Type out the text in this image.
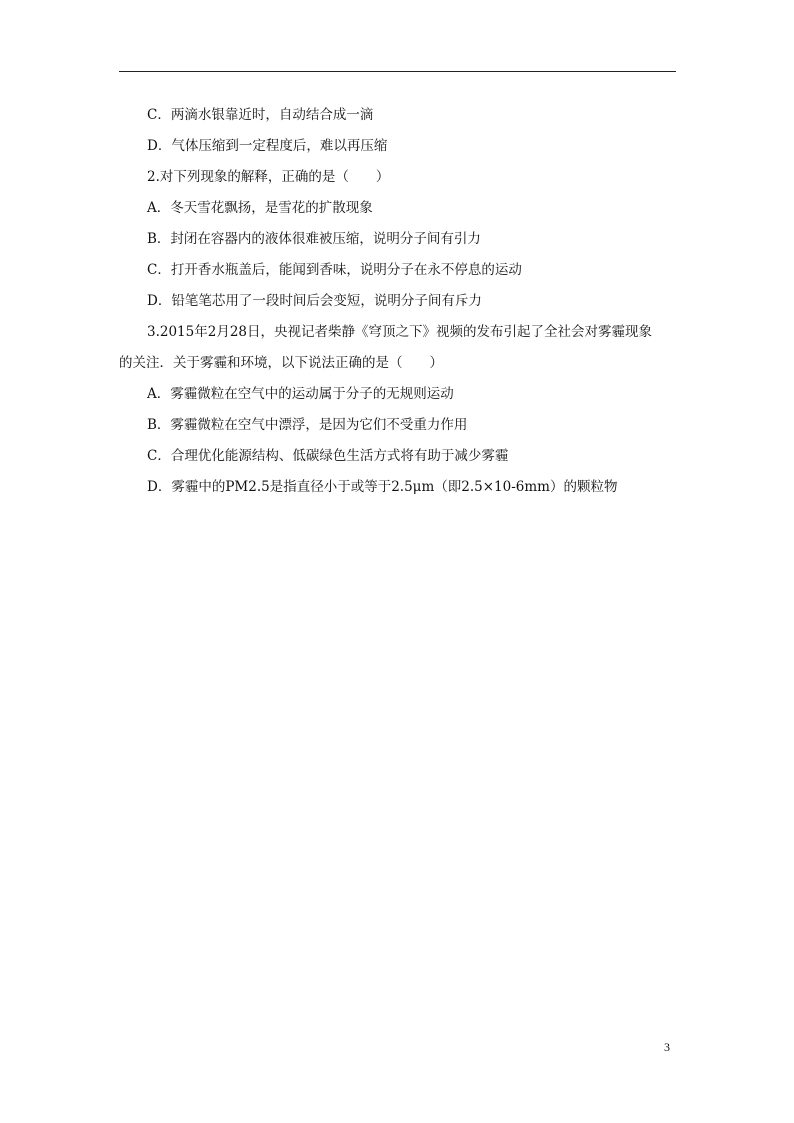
C．两滴水银靠近时，自动结合成一滴

D．气体压缩到一定程度后，难以再压缩

2.对下列现象的解释，正确的是（　　）

A．冬天雪花飘扬，是雪花的扩散现象

B．封闭在容器内的液体很难被压缩，说明分子间有引力

C．打开香水瓶盖后，能闻到香味，说明分子在永不停息的运动

D．铅笔笔芯用了一段时间后会变短，说明分子间有斥力

3.2015年2月28日，央视记者柴静《穹顶之下》视频的发布引起了全社会对雾霾现象

的关注．关于雾霾和环境，以下说法正确的是（　　）

A．雾霾微粒在空气中的运动属于分子的无规则运动

B．雾霾微粒在空气中漂浮，是因为它们不受重力作用

C．合理优化能源结构、低碳绿色生活方式将有助于减少雾霾

D．雾霾中的PM2.5是指直径小于或等于2.5μm（即2.5×10-6mm）的颗粒物

3
